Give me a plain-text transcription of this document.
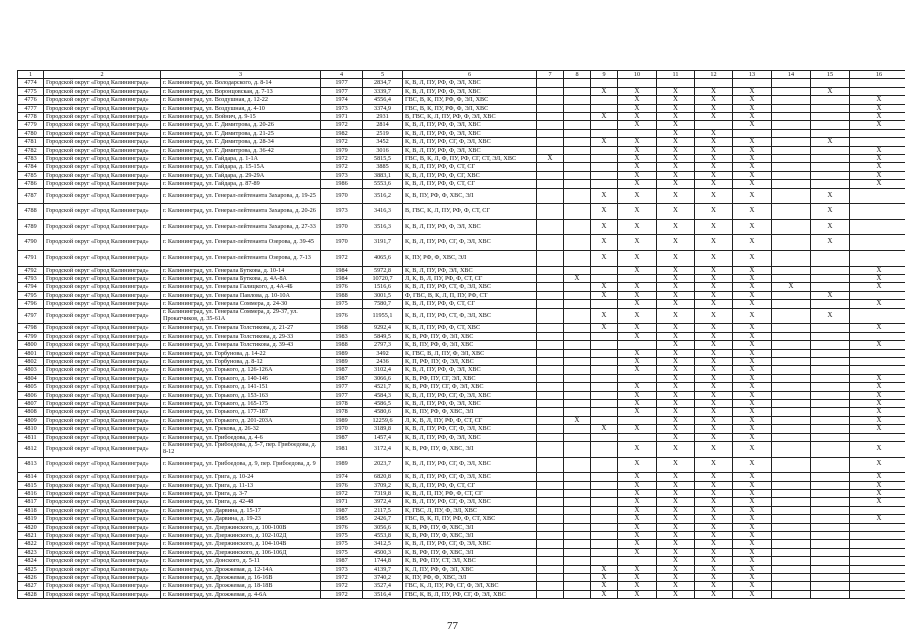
1	2	3	4	5	6	7	8	9	10	11	12	13	14	15	16
4774	Городской округ «Город Калининград»	г. Калининград, ул. Володарского, д. 8-14	1977	2834,7	К, В, Л, ПУ, РФ, Ф, ЭЛ, ХВС										
4775	Городской округ «Город Калининград»	г. Калининград, ул. Воронцовская, д. 7-13	1977	3339,7	К, В, Л, ПУ, РФ, Ф, ЭЛ, ХВС			Х	Х	Х	Х	Х		Х	
4776	Городской округ «Город Калининград»	г. Калининград, ул. Воздушная, д. 12-22	1974	4556,4	ГВС, В, К, ПУ, РФ, Ф, ЭЛ, ХВС				Х	Х	Х	Х			Х
4777	Городской округ «Город Калининград»	г. Калининград, ул. Воздушная, д. 4-10	1973	3374,9	ГВС, В, К, ПУ, РФ, Ф, ЭЛ, ХВС				Х	Х	Х	Х			Х
4778	Городской округ «Город Калининград»	г. Калининград, ул. Войнич, д. 9-15	1971	2931	В, ГВС, К, Л, ПУ, РФ, Ф, ЭЛ, ХВС			Х	Х	Х	Х	Х			Х
4779	Городской округ «Город Калининград»	г. Калининград, ул. Г. Димитрова, д. 20-26	1972	2814	К, В, Л, ПУ, РФ, Ф, ЭЛ, ХВС				Х	Х		Х			Х
4780	Городской округ «Город Калининград»	г. Калининград, ул. Г. Димитрова, д. 21-25	1982	2519	К, В, Л, ПУ, РФ, Ф, ЭЛ, ХВС					Х	Х				
4781	Городской округ «Город Калининград»	г. Калининград, ул. Г. Димитрова, д. 28-34	1972	3452	К, В, Л, ПУ, РФ, СГ, Ф, ЭЛ, ХВС			Х	Х	Х	Х	Х		Х	
4782	Городской округ «Город Калининград»	г. Калининград, ул. Г. Димитрова, д. 36-42	1979	3016	К, В, Л, ПУ, РФ, Ф, ЭЛ, ХВС				Х	Х	Х	Х			Х
4783	Городской округ «Город Калининград»	г. Калининград, ул. Гайдара, д. 1-1А	1972	5815,5	ГВС, В, К, Л, Ф, ПУ, РФ, СГ, СТ, ЭЛ, ХВС	Х			Х	Х	Х	Х			Х
4784	Городской округ «Город Калининград»	г. Калининград, ул. Гайдара, д. 15-15А	1972	3885	К, В, Л, ПУ, РФ, Ф, СТ, СГ				Х	Х	Х	Х			Х
4785	Городской округ «Город Калининград»	г. Калининград, ул. Гайдара, д. 29-29А	1973	3883,1	К, В, Л, ПУ, РФ, Ф, СГ, ХВС				Х	Х	Х	Х			Х
4786	Городской округ «Город Калининград»	г. Калининград, ул. Гайдара, д. 87-89	1986	5553,6	К, В, Л, ПУ, РФ, Ф, СТ, СГ				Х	Х	Х	Х			Х
4787	Городской округ «Город Калининград»	г. Калининград, ул. Генерал-лейтенанта Захарова, д. 19-25	1970	3516,2	К, В, ПУ, РФ, Ф, ХВС, ЭЛ			Х	Х	Х	Х	Х		Х	
4788	Городской округ «Город Калининград»	г. Калининград, ул. Генерал-лейтенанта Захарова, д. 20-26	1973	3416,3	В, ГВС, К, Л, ПУ, РФ, Ф, СТ, СГ			Х	Х	Х	Х	Х		Х	
4789	Городской округ «Город Калининград»	г. Калининград, ул. Генерал-лейтенанта Захарова, д. 27-33	1970	3516,3	К, В, Л, ПУ, РФ, Ф, ЭЛ, ХВС			Х	Х	Х	Х	Х		Х	
4790	Городской округ «Город Калининград»	г. Калининград, ул. Генерал-лейтенанта Озерова, д. 39-45	1970	3191,7	К, В, Л, ПУ, РФ, СГ, Ф, ЭЛ, ХВС			Х	Х	Х	Х	Х		Х	
4791	Городской округ «Город Калининград»	г. Калининград, ул. Генерал-лейтенанта Озерова, д. 7-13	1972	4065,6	К, ПУ, РФ, Ф, ХВС, ЭЛ			Х	Х	Х	Х	Х			
4792	Городской округ «Город Калининград»	г. Калининград, ул. Генерала Буткова, д. 10-14	1984	5972,8	К, В, Л, ПУ, РФ, ЭЛ, ХВС				Х	Х	Х	Х			Х
4793	Городской округ «Город Калининград»	г. Калининград, ул. Генерала Буткова, д. 4А-8А	1984	10720,7	Л, К, В, Л, ПУ, РФ, Ф, СТ, СГ		Х			Х	Х	Х			Х
4794	Городской округ «Город Калининград»	г. Калининград, ул. Генерала Галицкого, д. 4А-4Б	1976	1516,6	К, В, Л, ПУ, РФ, СТ, Ф, ЭЛ, ХВС			Х	Х	Х	Х	Х	Х		Х
4795	Городской округ «Город Калининград»	г. Калининград, ул. Генерала Павлова, д. 10-10А	1988	3001,5	Ф, ГВС, В, К, Л, П, ПУ, РФ, СТ			Х	Х	Х	Х	Х		Х	
4796	Городской округ «Город Калининград»	г. Калининград, ул. Генерала Соммера, д. 24-30	1975	7580,7	К, В, Л, ПУ, РФ, Ф, СТ, СГ				Х	Х	Х	Х			Х
4797	Городской округ «Город Калининград»	г. Калининград, ул. Генерала Соммера, д. 29-37, ул. Прокатчиков, д. 35-61А	1976	11955,1	К, В, Л, ПУ, РФ, СТ, Ф, ЭЛ, ХВС			Х	Х	Х	Х	Х		Х	
4798	Городской округ «Город Калининград»	г. Калининград, ул. Генерала Толстикова, д. 21-27	1968	9292,4	К, В, Л, ПУ, РФ, Ф, СТ, ХВС			Х	Х	Х	Х	Х			Х
4799	Городской округ «Город Калининград»	г. Калининград, ул. Генерала Толстикова, д. 29-33	1983	5849,5	К, В, РФ, ПУ, Ф, ЭЛ, ХВС				Х	Х	Х	Х			
4800	Городской округ «Город Калининград»	г. Калининград, ул. Генерала Толстикова, д. 39-43	1988	2797,3	К, В, ПУ, РФ, Ф, ЭЛ, ХВС					Х	Х	Х			Х
4801	Городской округ «Город Калининград»	г. Калининград, ул. Горбунова, д. 14-22	1989	3492	К, ГВС, В, Л, ПУ, Ф, ЭЛ, ХВС				Х	Х	Х	Х			
4802	Городской округ «Город Калининград»	г. Калининград, ул. Горбунова, д. 8-12	1989	2436	К, П, РФ, ПУ, Ф, ЭЛ, ХВС				Х	Х	Х	Х			
4803	Городской округ «Город Калининград»	г. Калининград, ул. Горького, д. 126-126А	1987	3102,4	К, В, Л, ПУ, РФ, Ф, ЭЛ, ХВС				Х	Х	Х	Х			
4804	Городской округ «Город Калининград»	г. Калининград, ул. Горького, д. 140-146	1987	3066,6	К, В, РФ, ПУ, СГ, ЭЛ, ХВС					Х	Х	Х			Х
4805	Городской округ «Город Калининград»	г. Калининград, ул. Горького, д. 141-151	1977	4521,7	К, В, РФ, ПУ, СГ, Ф, ЭЛ, ХВС				Х	Х	Х	Х			Х
4806	Городской округ «Город Калининград»	г. Калининград, ул. Горького, д. 153-163	1977	4584,3	К, В, Л, ПУ, РФ, СГ, Ф, ЭЛ, ХВС				Х	Х	Х	Х			Х
4807	Городской округ «Город Калининград»	г. Калининград, ул. Горького, д. 165-175	1978	4586,5	К, В, Л, ПУ, РФ, Ф, ЭЛ, ХВС				Х	Х	Х	Х			Х
4808	Городской округ «Город Калининград»	г. Калининград, ул. Горького, д. 177-187	1978	4580,6	К, В, ПУ, РФ, Ф, ХВС, ЭЛ				Х	Х	Х	Х			Х
4809	Городской округ «Город Калининград»	г. Калининград, ул. Горького, д. 201-203А	1989	12259,6	Л, К, В, Л, ПУ, РФ, Ф, СТ, СГ		Х			Х	Х	Х			Х
4810	Городской округ «Город Калининград»	г. Калининград, ул. Грекова, д. 26-32	1970	3189,8	К, В, Л, ПУ, РФ, СГ, Ф, ЭЛ, ХВС			Х	Х	Х	Х	Х			Х
4811	Городской округ «Город Калининград»	г. Калининград, ул. Грибоедова, д. 4-6	1987	1457,4	К, В, Л, ПУ, РФ, Ф, ЭЛ, ХВС					Х	Х	Х			
4812	Городской округ «Город Калининград»	г. Калининград, ул. Грибоедова, д. 5-7, пер. Грибоедова, д. 8-12	1981	3172,4	К, В, РФ, ПУ, Ф, ХВС, ЭЛ				Х	Х	Х	Х			Х
4813	Городской округ «Город Калининград»	г. Калининград, ул. Грибоедова, д. 9, пер. Грибоедова, д. 9	1989	2023,7	К, В, Л, ПУ, РФ, СГ, Ф, ЭЛ, ХВС				Х	Х	Х	Х			Х
4814	Городской округ «Город Калининград»	г. Калининград, ул. Грига, д. 10-24	1974	6820,8	К, В, Л, ПУ, РФ, СГ, Ф, ЭЛ, ХВС				Х	Х	Х	Х			Х
4815	Городской округ «Город Калининград»	г. Калининград, ул. Грига, д. 11-13	1976	3709,2	К, В, Л, ПУ, РФ, Ф, СТ, СГ				Х	Х	Х	Х			Х
4816	Городской округ «Город Калининград»	г. Калининград, ул. Грига, д. 3-7	1972	7319,8	К, В, Л, П, ПУ, РФ, Ф, СТ, СГ				Х	Х	Х	Х			Х
4817	Городской округ «Город Калининград»	г. Калининград, ул. Грига, д. 42-48	1971	3972,4	К, В, Л, ПУ, РФ, СГ, Ф, ЭЛ, ХВС				Х	Х	Х	Х			Х
4818	Городской округ «Город Калининград»	г. Калининград, ул. Дарвина, д. 15-17	1987	2117,5	К, ГВС, Л, ПУ, Ф, ЭЛ, ХВС				Х	Х	Х	Х			
4819	Городской округ «Город Калининград»	г. Калининград, ул. Дарвина, д. 19-23	1985	2426,7	ГВС, В, К, П, ПУ, РФ, Ф, СТ, ХВС				Х	Х	Х	Х			Х
4820	Городской округ «Город Калининград»	г. Калининград, ул. Дзержинского, д. 100-100В	1976	3056,6	К, В, РФ, ПУ, Ф, ХВС, ЭЛ				Х	Х	Х	Х			
4821	Городской округ «Город Калининград»	г. Калининград, ул. Дзержинского, д. 102-102Д	1975	4553,8	К, В, РФ, ПУ, Ф, ХВС, ЭЛ				Х	Х	Х	Х			
4822	Городской округ «Город Калининград»	г. Калининград, ул. Дзержинского, д. 104-104В	1975	3412,5	К, В, Л, ПУ, РФ, СГ, Ф, ЭЛ, ХВС				Х	Х	Х	Х			
4823	Городской округ «Город Калининград»	г. Калининград, ул. Дзержинского, д. 106-106Д	1975	4500,3	К, В, РФ, ПУ, Ф, ХВС, ЭЛ				Х	Х	Х	Х			
4824	Городской округ «Город Калининград»	г. Калининград, ул. Донского, д. 5-11	1987	1744,8	К, В, РФ, ПУ, СТ, ЭЛ, ХВС					Х	Х	Х			
4825	Городской округ «Город Калининград»	г. Калининград, ул. Дрожжевая, д. 12-14А	1973	4139,7	К, Л, ПУ, РФ, Ф, ЭЛ, ХВС			Х	Х	Х	Х	Х			
4826	Городской округ «Город Калининград»	г. Калининград, ул. Дрожжевая, д. 16-16В	1972	3740,2	К, ПУ, РФ, Ф, ХВС, ЭЛ			Х	Х	Х	Х	Х			
4827	Городской округ «Город Калининград»	г. Калининград, ул. Дрожжевая, д. 18-18В	1972	3527,4	ГВС, К, Л, ПУ, РФ, СГ, Ф, ЭЛ, ХВС			Х	Х	Х	Х	Х			
4828	Городской округ «Город Калининград»	г. Калининград, ул. Дрожжевая, д. 4-6А	1972	3516,4	ГВС, К, В, Л, ПУ, РФ, СГ, Ф, ЭЛ, ХВС			Х	Х	Х	Х	Х			
77
